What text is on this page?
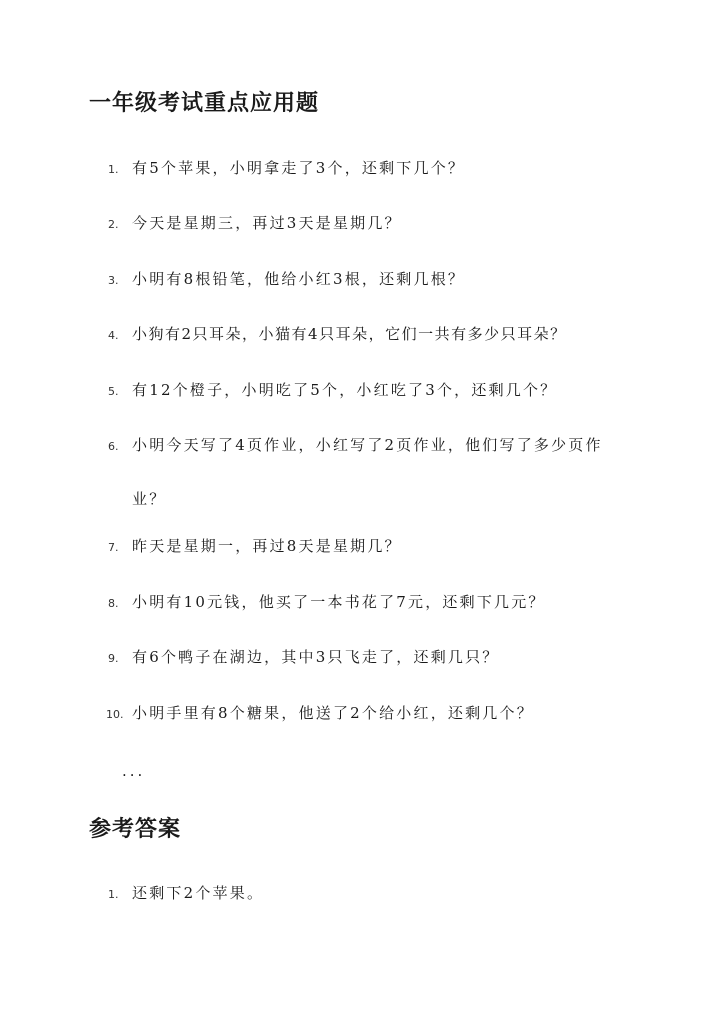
一年级考试重点应用题
1. 有5个苹果，小明拿走了3个，还剩下几个？
2. 今天是星期三，再过3天是星期几？
3. 小明有8根铅笔，他给小红3根，还剩几根？
4. 小狗有2只耳朵，小猫有4只耳朵，它们一共有多少只耳朵？
5. 有12个橙子，小明吃了5个，小红吃了3个，还剩几个？
6. 小明今天写了4页作业，小红写了2页作业，他们写了多少页作业？
7. 昨天是星期一，再过8天是星期几？
8. 小明有10元钱，他买了一本书花了7元，还剩下几元？
9. 有6个鸭子在湖边，其中3只飞走了，还剩几只？
10. 小明手里有8个糖果，他送了2个给小红，还剩几个？
...
参考答案
1. 还剩下2个苹果。
